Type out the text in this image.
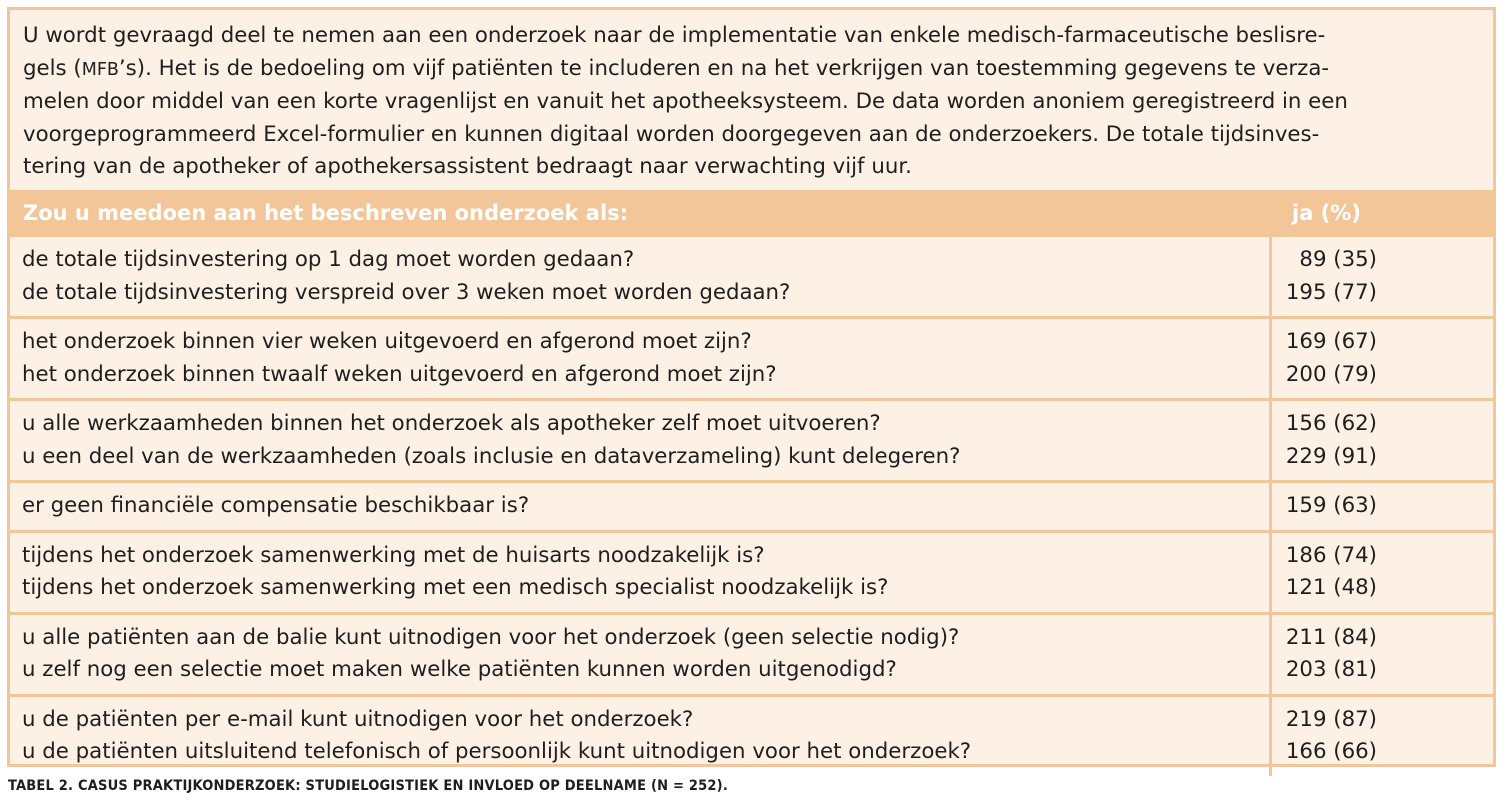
U wordt gevraagd deel te nemen aan een onderzoek naar de implementatie van enkele medisch-farmaceutische beslisre-
gels (MFB’s). Het is de bedoeling om vijf patiënten te includeren en na het verkrijgen van toestemming gegevens te verza-
melen door middel van een korte vragenlijst en vanuit het apotheeksysteem. De data worden anoniem geregistreerd in een
voorgeprogrammeerd Excel-formulier en kunnen digitaal worden doorgegeven aan de onderzoekers. De totale tijdsinves-
tering van de apotheker of apothekersassistent bedraagt naar verwachting vijf uur.
Zou u meedoen aan het beschreven onderzoek als:	ja (%)
de totale tijdsinvestering op 1 dag moet worden gedaan?
de totale tijdsinvestering verspreid over 3 weken moet worden gedaan?
89 (35)
195 (77)
het onderzoek binnen vier weken uitgevoerd en afgerond moet zijn?
het onderzoek binnen twaalf weken uitgevoerd en afgerond moet zijn?
169 (67)
200 (79)
u alle werkzaamheden binnen het onderzoek als apotheker zelf moet uitvoeren?
u een deel van de werkzaamheden (zoals inclusie en dataverzameling) kunt delegeren?
156 (62)
229 (91)
er geen financiële compensatie beschikbaar is?	159 (63)
tijdens het onderzoek samenwerking met de huisarts noodzakelijk is?
tijdens het onderzoek samenwerking met een medisch specialist noodzakelijk is?
186 (74)
121 (48)
u alle patiënten aan de balie kunt uitnodigen voor het onderzoek (geen selectie nodig)?
u zelf nog een selectie moet maken welke patiënten kunnen worden uitgenodigd?
211 (84)
203 (81)
u de patiënten per e-mail kunt uitnodigen voor het onderzoek?
u de patiënten uitsluitend telefonisch of persoonlijk kunt uitnodigen voor het onderzoek?
219 (87)
166 (66)
TABEL 2. CASUS PRAKTIJKONDERZOEK: STUDIELOGISTIEK EN INVLOED OP DEELNAME (N = 252).
